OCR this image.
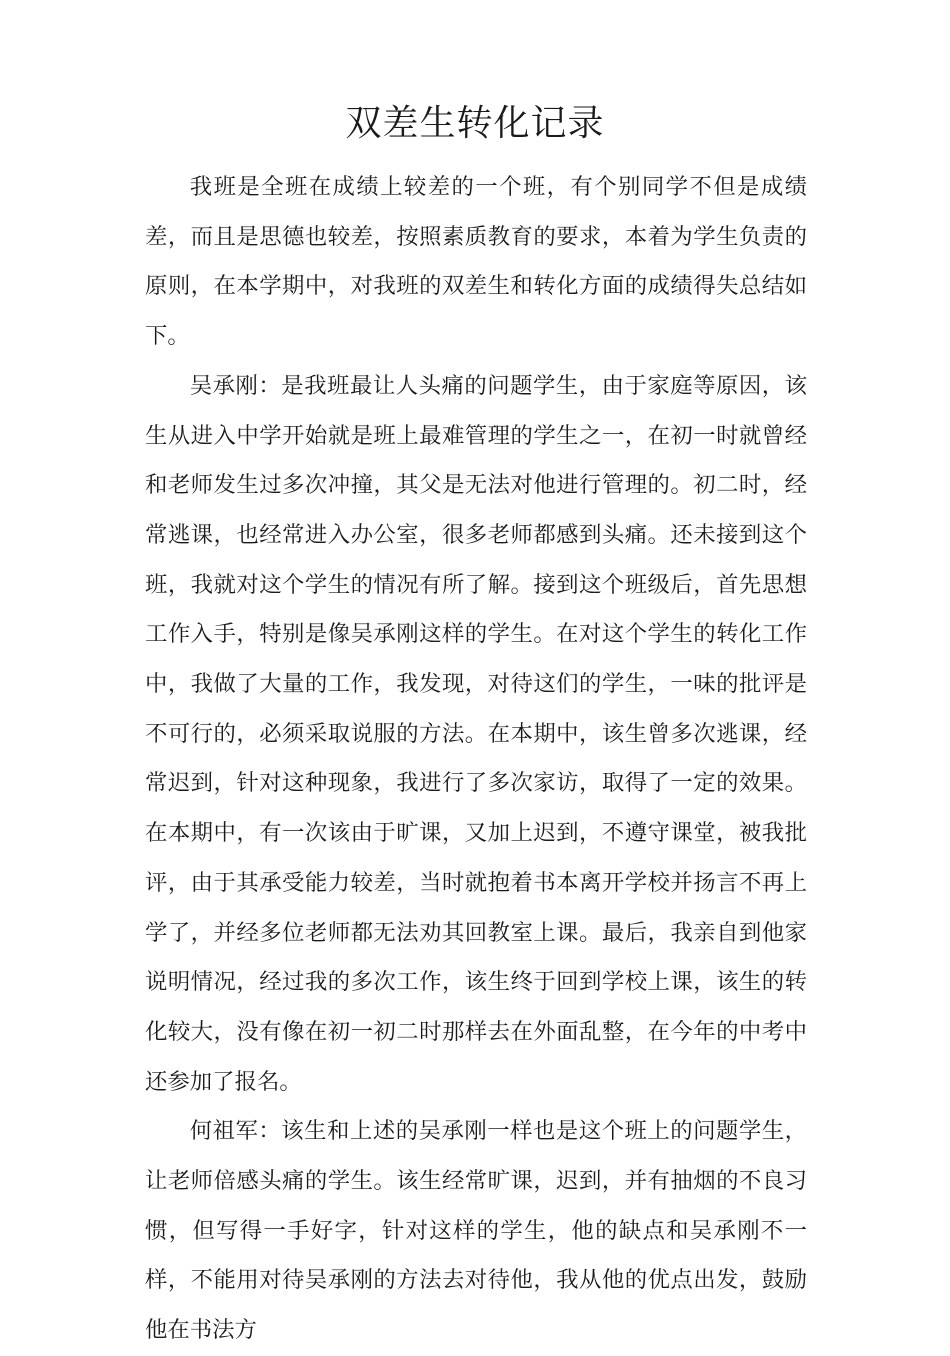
双差生转化记录

我班是全班在成绩上较差的一个班，有个别同学不但是成绩差，而且是思德也较差，按照素质教育的要求，本着为学生负责的原则，在本学期中，对我班的双差生和转化方面的成绩得失总结如下。

吴承刚：是我班最让人头痛的问题学生，由于家庭等原因，该生从进入中学开始就是班上最难管理的学生之一，在初一时就曾经和老师发生过多次冲撞，其父是无法对他进行管理的。初二时，经常逃课，也经常进入办公室，很多老师都感到头痛。还未接到这个班，我就对这个学生的情况有所了解。接到这个班级后，首先思想工作入手，特别是像吴承刚这样的学生。在对这个学生的转化工作中，我做了大量的工作，我发现，对待这们的学生，一味的批评是不可行的，必须采取说服的方法。在本期中，该生曾多次逃课，经常迟到，针对这种现象，我进行了多次家访，取得了一定的效果。在本期中，有一次该由于旷课，又加上迟到，不遵守课堂，被我批评，由于其承受能力较差，当时就抱着书本离开学校并扬言不再上学了，并经多位老师都无法劝其回教室上课。最后，我亲自到他家说明情况，经过我的多次工作，该生终于回到学校上课，该生的转化较大，没有像在初一初二时那样去在外面乱整，在今年的中考中还参加了报名。

何祖军：该生和上述的吴承刚一样也是这个班上的问题学生，让老师倍感头痛的学生。该生经常旷课，迟到，并有抽烟的不良习惯，但写得一手好字，针对这样的学生，他的缺点和吴承刚不一样，不能用对待吴承刚的方法去对待他，我从他的优点出发，鼓励他在书法方
